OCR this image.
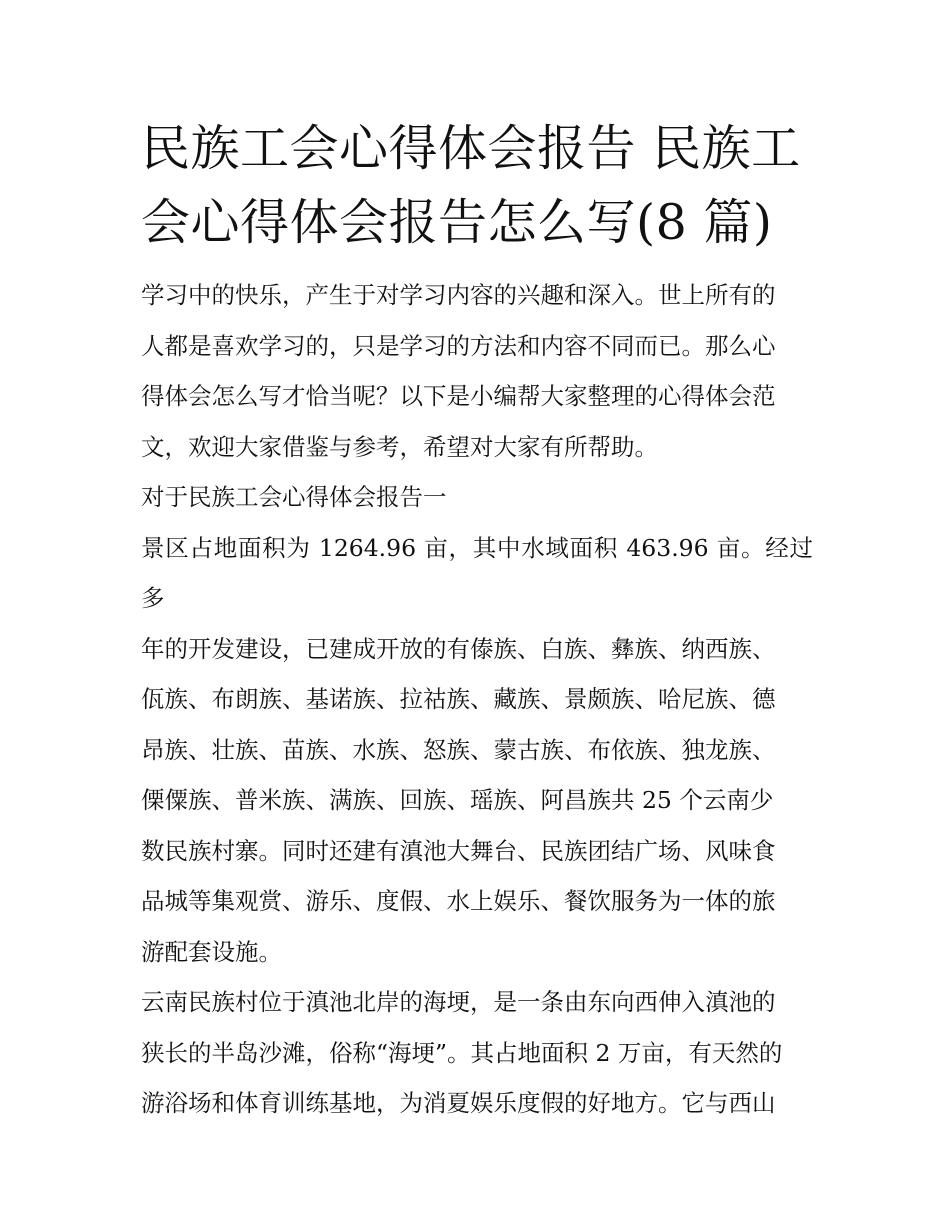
民族工会心得体会报告 民族工
会心得体会报告怎么写(8 篇)

学习中的快乐，产生于对学习内容的兴趣和深入。世上所有的
人都是喜欢学习的，只是学习的方法和内容不同而已。那么心
得体会怎么写才恰当呢？以下是小编帮大家整理的心得体会范
文，欢迎大家借鉴与参考，希望对大家有所帮助。

对于民族工会心得体会报告一

景区占地面积为 1264.96 亩，其中水域面积 463.96 亩。经过多
年的开发建设，已建成开放的有傣族、白族、彝族、纳西族、
佤族、布朗族、基诺族、拉祜族、藏族、景颇族、哈尼族、德
昂族、壮族、苗族、水族、怒族、蒙古族、布依族、独龙族、
傈僳族、普米族、满族、回族、瑶族、阿昌族共 25 个云南少
数民族村寨。同时还建有滇池大舞台、民族团结广场、风味食
品城等集观赏、游乐、度假、水上娱乐、餐饮服务为一体的旅
游配套设施。

云南民族村位于滇池北岸的海埂，是一条由东向西伸入滇池的
狭长的半岛沙滩，俗称“海埂”。其占地面积 2 万亩，有天然的
游浴场和体育训练基地，为消夏娱乐度假的好地方。它与西山
